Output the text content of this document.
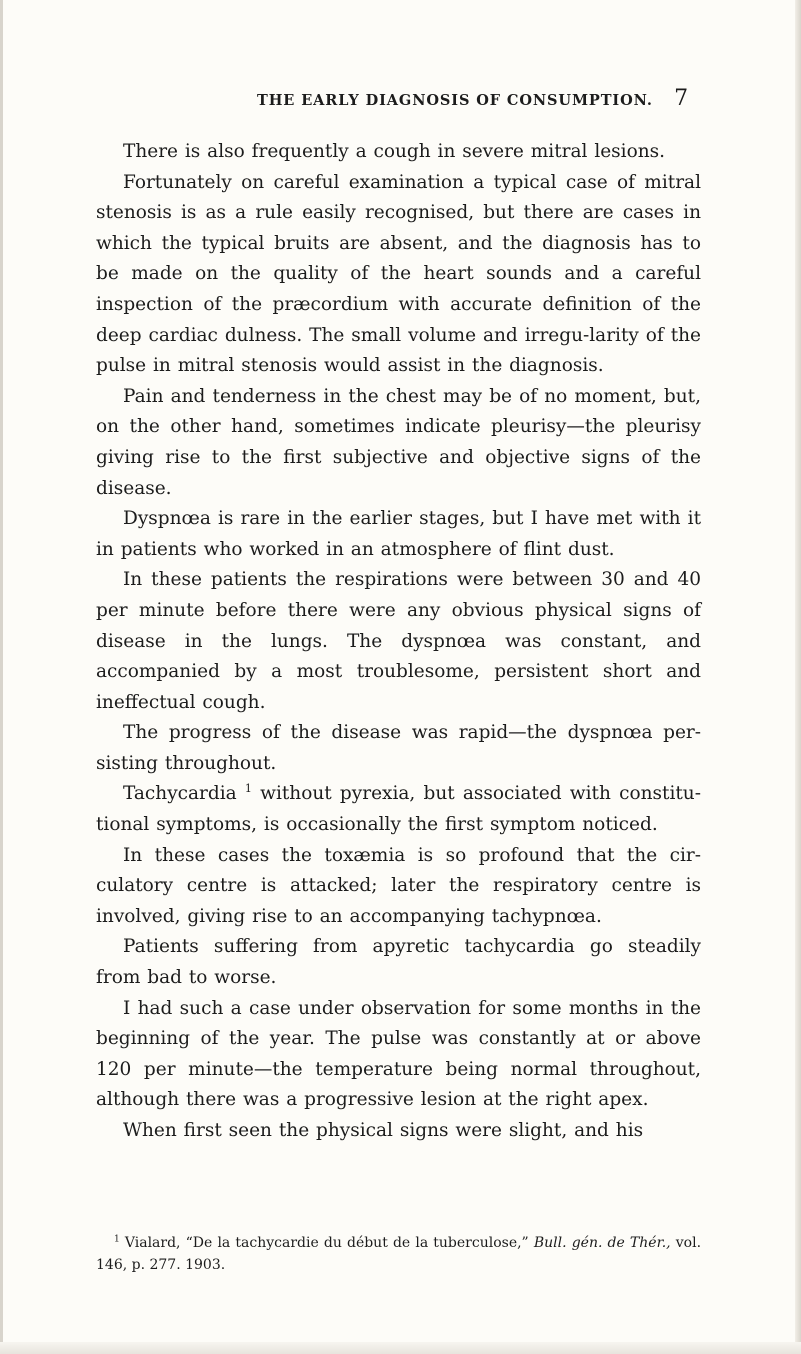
THE EARLY DIAGNOSIS OF CONSUMPTION. 7

There is also frequently a cough in severe mitral lesions.

Fortunately on careful examination a typical case of mitral stenosis is as a rule easily recognised, but there are cases in which the typical bruits are absent, and the diagnosis has to be made on the quality of the heart sounds and a careful inspection of the præcordium with accurate definition of the deep cardiac dulness. The small volume and irregu-larity of the pulse in mitral stenosis would assist in the diagnosis.

Pain and tenderness in the chest may be of no moment, but, on the other hand, sometimes indicate pleurisy—the pleurisy giving rise to the first subjective and objective signs of the disease.

Dyspnœa is rare in the earlier stages, but I have met with it in patients who worked in an atmosphere of flint dust.

In these patients the respirations were between 30 and 40 per minute before there were any obvious physical signs of disease in the lungs. The dyspnœa was constant, and accompanied by a most troublesome, persistent short and ineffectual cough.

The progress of the disease was rapid—the dyspnœa per-sisting throughout.

Tachycardia $^1$ without pyrexia, but associated with constitu-tional symptoms, is occasionally the first symptom noticed.

In these cases the toxæmia is so profound that the cir-culatory centre is attacked; later the respiratory centre is involved, giving rise to an accompanying tachypnœa.

Patients suffering from apyretic tachycardia go steadily from bad to worse.

I had such a case under observation for some months in the beginning of the year. The pulse was constantly at or above 120 per minute—the temperature being normal throughout, although there was a progressive lesion at the right apex.

When first seen the physical signs were slight, and his

$^1$ Vialard, “De la tachycardie du début de la tuberculose,” Bull. gén. de Thér., vol. 146, p. 277. 1903.
